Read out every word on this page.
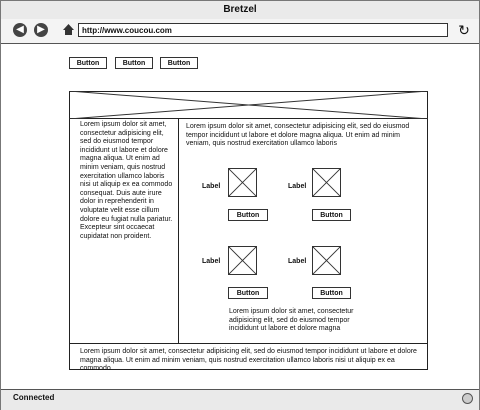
Bretzel
◀	▶	http://www.coucou.com	↻
Button	Button	Button
Lorem ipsum dolor sit amet, consectetur adipisicing elit, sed do eiusmod tempor incididunt ut labore et dolore magna aliqua. Ut enim ad minim veniam, quis nostrud exercitation ullamco laboris nisi ut aliquip ex ea commodo consequat. Duis aute irure dolor in reprehenderit in voluptate velit esse cillum dolore eu fugiat nulla pariatur. Excepteur sint occaecat cupidatat non proident.
Lorem ipsum dolor sit amet, consectetur adipisicing elit, sed do eiusmod tempor incididunt ut labore et dolore magna aliqua. Ut enim ad minim veniam, quis nostrud exercitation ullamco laboris
Label
Button
Label
Button
Label
Button
Label
Button
Lorem ipsum dolor sit amet, consectetur adipisicing elit, sed do eiusmod tempor incididunt ut labore et dolore magna
Lorem ipsum dolor sit amet, consectetur adipisicing elit, sed do eiusmod tempor incididunt ut labore et dolore magna aliqua. Ut enim ad minim veniam, quis nostrud exercitation ullamco laboris nisi ut aliquip ex ea commodo
Connected
